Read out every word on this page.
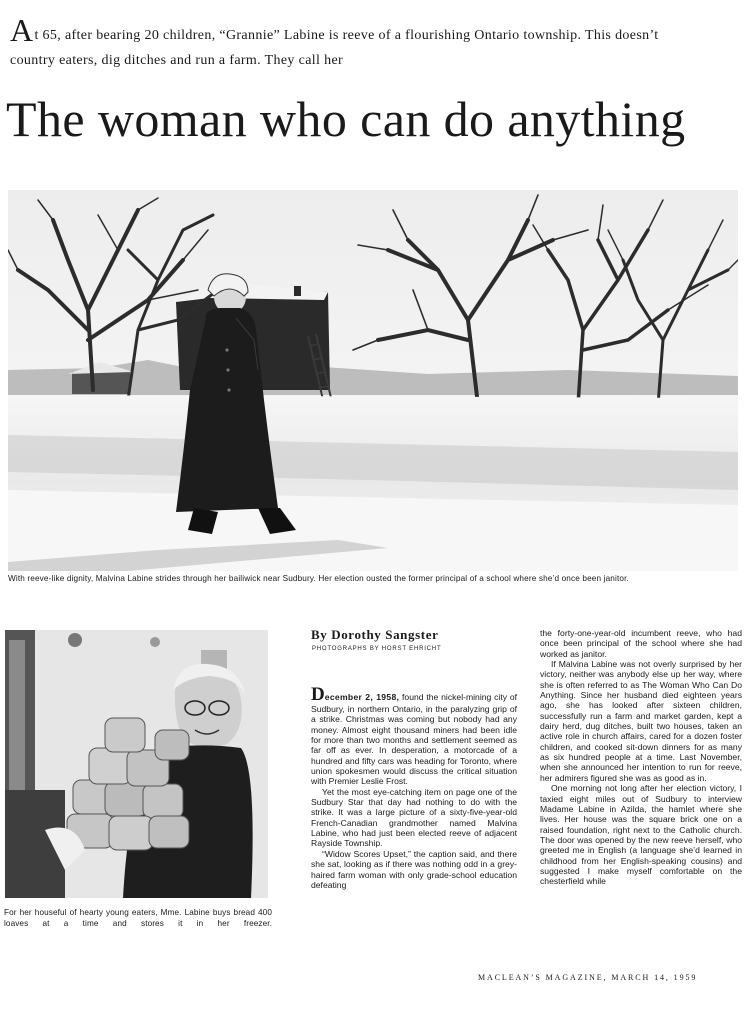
At 65, after bearing 20 children, “Grannie” Labine is reeve of a flourishing Ontario township. This doesn’t
country eaters, dig ditches and run a farm. They call her
The woman who can do anything
With reeve-like dignity, Malvina Labine strides through her bailiwick near Sudbury. Her election ousted the former principal of a school where she’d once been janitor.
For her houseful of hearty young eaters, Mme. Labine buys bread 400 loaves at a time and stores it in her freezer.
By Dorothy Sangster
PHOTOGRAPHS BY HORST EHRICHT

December 2, 1958, found the nickel-mining city of Sudbury, in northern Ontario, in the paralyzing grip of a strike. Christmas was coming but nobody had any money. Almost eight thousand miners had been idle for more than two months and settlement seemed as far off as ever. In desperation, a motorcade of a hundred and fifty cars was heading for Toronto, where union spokesmen would discuss the critical situation with Premier Leslie Frost.

Yet the most eye-catching item on page one of the Sudbury Star that day had nothing to do with the strike. It was a large picture of a sixty-five-year-old French-Canadian grandmother named Malvina Labine, who had just been elected reeve of adjacent Rayside Township.

“Widow Scores Upset,” the caption said, and there she sat, looking as if there was nothing odd in a grey-haired farm woman with only grade-school education defeating

the forty-one-year-old incumbent reeve, who had once been principal of the school where she had worked as janitor.

If Malvina Labine was not overly surprised by her victory, neither was anybody else up her way, where she is often referred to as The Woman Who Can Do Anything. Since her husband died eighteen years ago, she has looked after sixteen children, successfully run a farm and market garden, kept a dairy herd, dug ditches, built two houses, taken an active role in church affairs, cared for a dozen foster children, and cooked sit-down dinners for as many as six hundred people at a time. Last November, when she announced her intention to run for reeve, her admirers figured she was as good as in.

One morning not long after her election victory, I taxied eight miles out of Sudbury to interview Madame Labine in Azilda, the hamlet where she lives. Her house was the square brick one on a raised foundation, right next to the Catholic church. The door was opened by the new reeve herself, who greeted me in English (a language she’d learned in childhood from her English-speaking cousins) and suggested I make myself comfortable on the chesterfield while

MACLEAN’S MAGAZINE, MARCH 14, 1959
